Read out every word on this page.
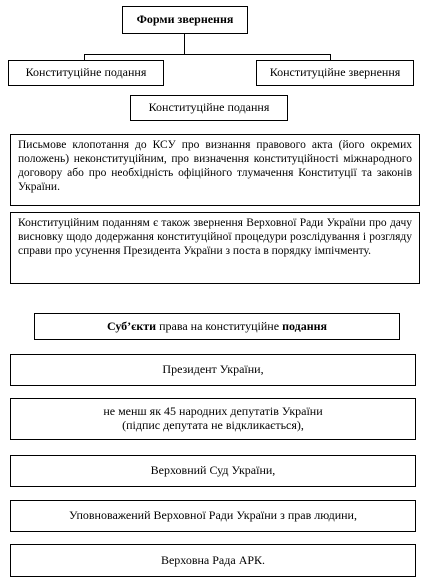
Форми звернення
Конституційне подання	Конституційне звернення
Конституційне подання
Письмове клопотання до КСУ про визнання правового акта (його окремих положень) неконституційним, про визначення конституційності міжнародного договору або про необхідність офіційного тлумачення Конституції та законів України.
Конституційним поданням є також звернення Верховної Ради України про дачу висновку щодо додержання конституційної процедури розслідування і розгляду справи про усунення Президента України з поста в порядку імпічменту.
Суб’єкти права на конституційне подання
Президент України,
не менш як 45 народних депутатів України (підпис депутата не відкликається),
Верховний Суд України,
Уповноважений Верховної Ради України з прав людини,
Верховна Рада АРК.
